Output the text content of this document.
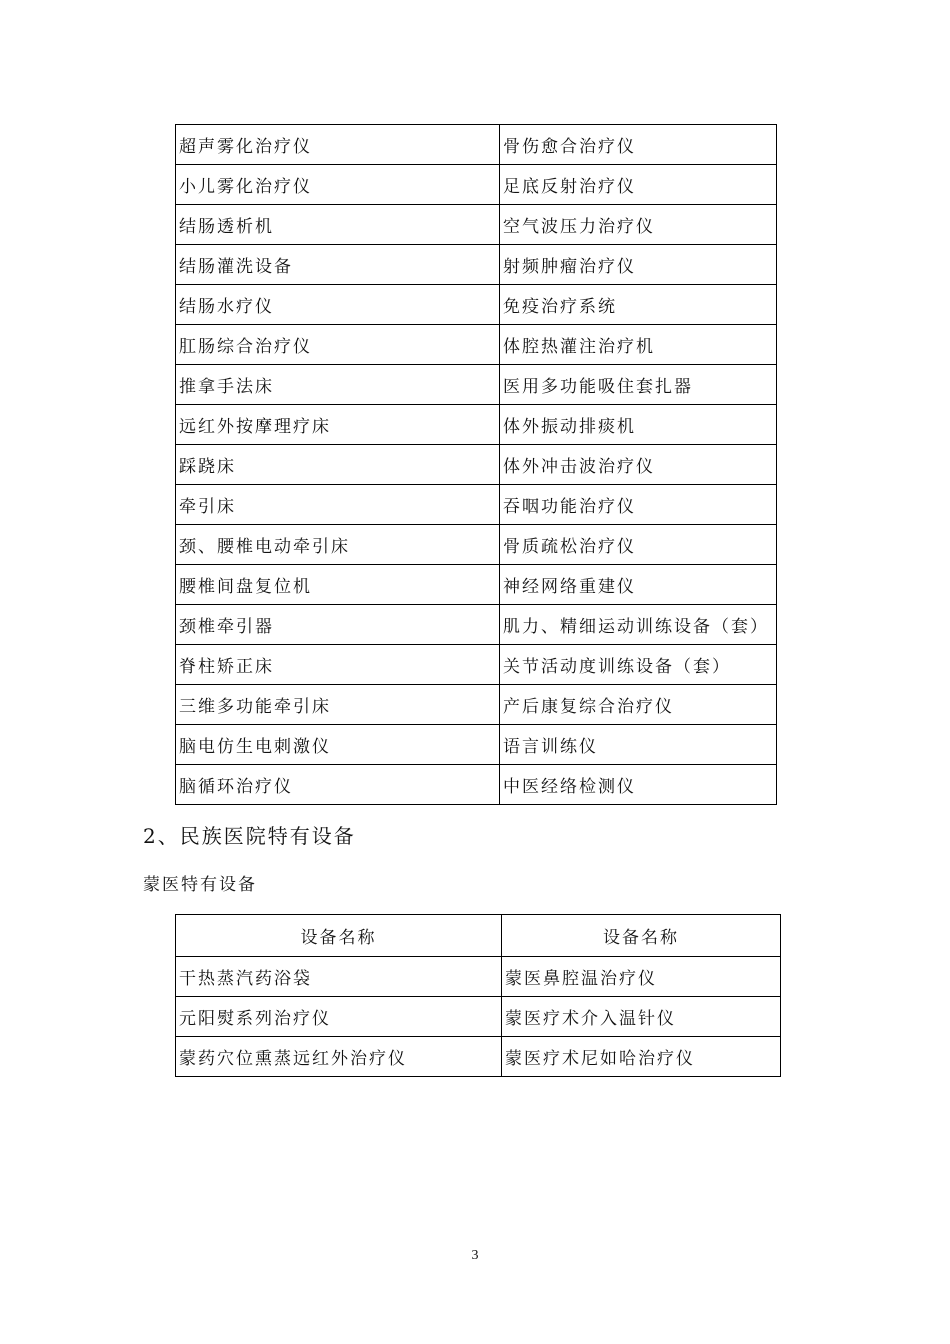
超声雾化治疗仪	骨伤愈合治疗仪
小儿雾化治疗仪	足底反射治疗仪
结肠透析机	空气波压力治疗仪
结肠灌洗设备	射频肿瘤治疗仪
结肠水疗仪	免疫治疗系统
肛肠综合治疗仪	体腔热灌注治疗机
推拿手法床	医用多功能吸住套扎器
远红外按摩理疗床	体外振动排痰机
踩跷床	体外冲击波治疗仪
牵引床	吞咽功能治疗仪
颈、腰椎电动牵引床	骨质疏松治疗仪
腰椎间盘复位机	神经网络重建仪
颈椎牵引器	肌力、精细运动训练设备（套）
脊柱矫正床	关节活动度训练设备（套）
三维多功能牵引床	产后康复综合治疗仪
脑电仿生电刺激仪	语言训练仪
脑循环治疗仪	中医经络检测仪
2、民族医院特有设备
蒙医特有设备
设备名称	设备名称
干热蒸汽药浴袋	蒙医鼻腔温治疗仪
元阳熨系列治疗仪	蒙医疗术介入温针仪
蒙药穴位熏蒸远红外治疗仪	蒙医疗术尼如哈治疗仪
3
